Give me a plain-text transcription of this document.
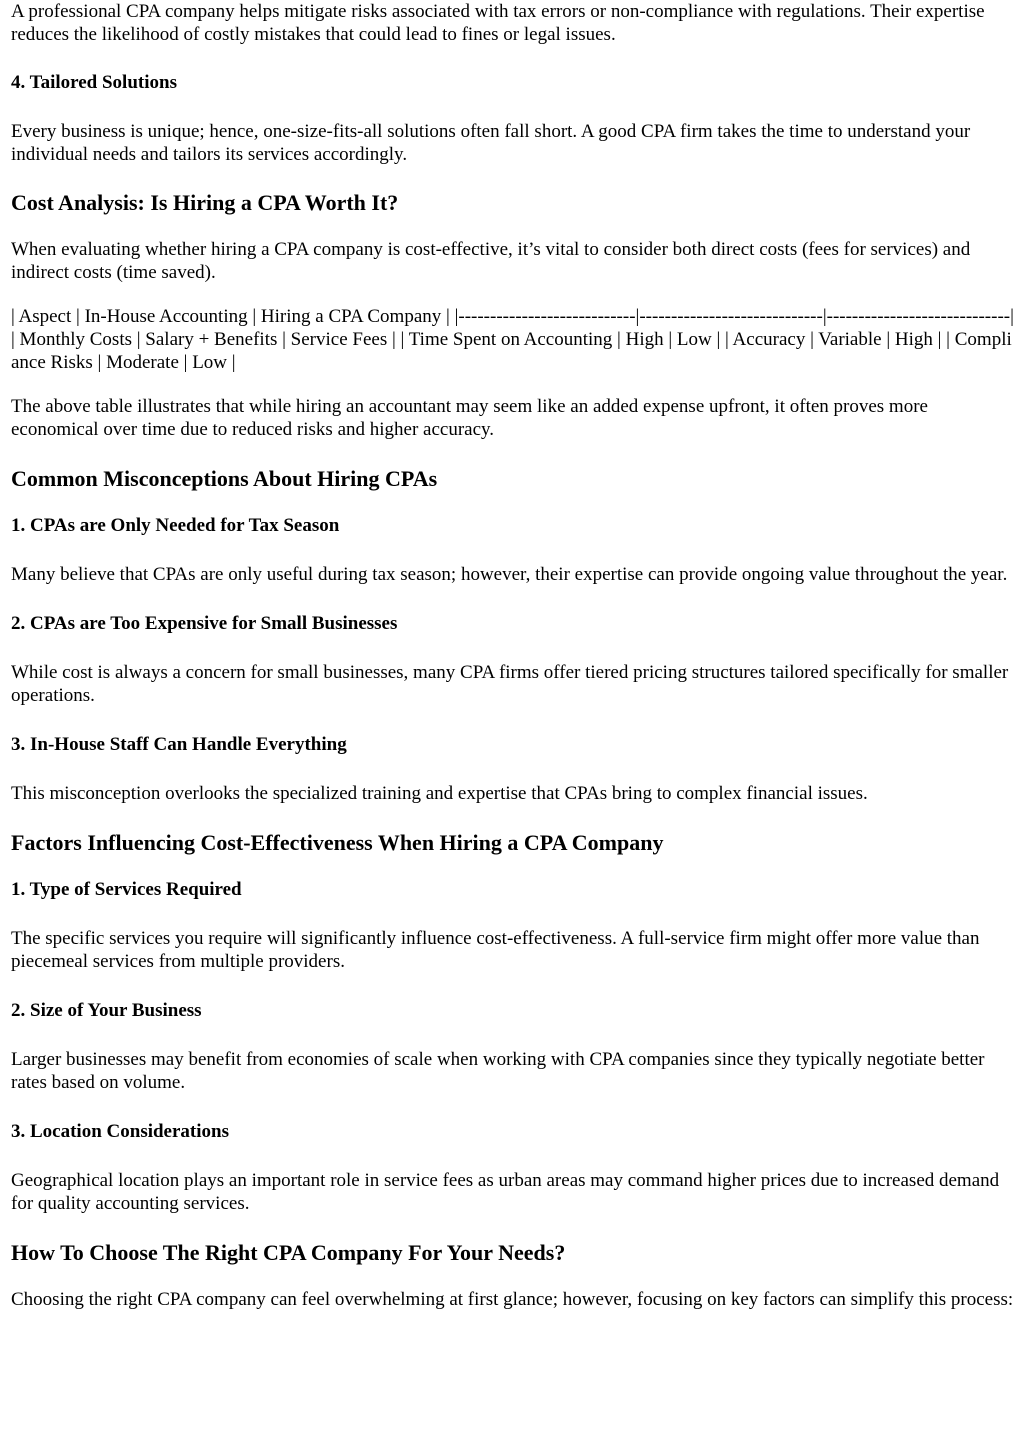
A professional CPA company helps mitigate risks associated with tax errors or non-compliance with regulations. Their expertise reduces the likelihood of costly mistakes that could lead to fines or legal issues.

4. Tailored Solutions

Every business is unique; hence, one-size-fits-all solutions often fall short. A good CPA firm takes the time to understand your individual needs and tailors its services accordingly.

Cost Analysis: Is Hiring a CPA Worth It?

When evaluating whether hiring a CPA company is cost-effective, it’s vital to consider both direct costs (fees for services) and indirect costs (time saved).

| Aspect | In-House Accounting | Hiring a CPA Company | |----------------------------|-----------------------------|-----------------------------| | Monthly Costs | Salary + Benefits | Service Fees | | Time Spent on Accounting | High | Low | | Accuracy | Variable | High | | Compliance Risks | Moderate | Low |

The above table illustrates that while hiring an accountant may seem like an added expense upfront, it often proves more economical over time due to reduced risks and higher accuracy.

Common Misconceptions About Hiring CPAs
1. CPAs are Only Needed for Tax Season

Many believe that CPAs are only useful during tax season; however, their expertise can provide ongoing value throughout the year.

2. CPAs are Too Expensive for Small Businesses

While cost is always a concern for small businesses, many CPA firms offer tiered pricing structures tailored specifically for smaller operations.

3. In-House Staff Can Handle Everything

This misconception overlooks the specialized training and expertise that CPAs bring to complex financial issues.

Factors Influencing Cost-Effectiveness When Hiring a CPA Company
1. Type of Services Required

The specific services you require will significantly influence cost-effectiveness. A full-service firm might offer more value than piecemeal services from multiple providers.

2. Size of Your Business

Larger businesses may benefit from economies of scale when working with CPA companies since they typically negotiate better rates based on volume.

3. Location Considerations

Geographical location plays an important role in service fees as urban areas may command higher prices due to increased demand for quality accounting services.

How To Choose The Right CPA Company For Your Needs?

Choosing the right CPA company can feel overwhelming at first glance; however, focusing on key factors can simplify this process:
